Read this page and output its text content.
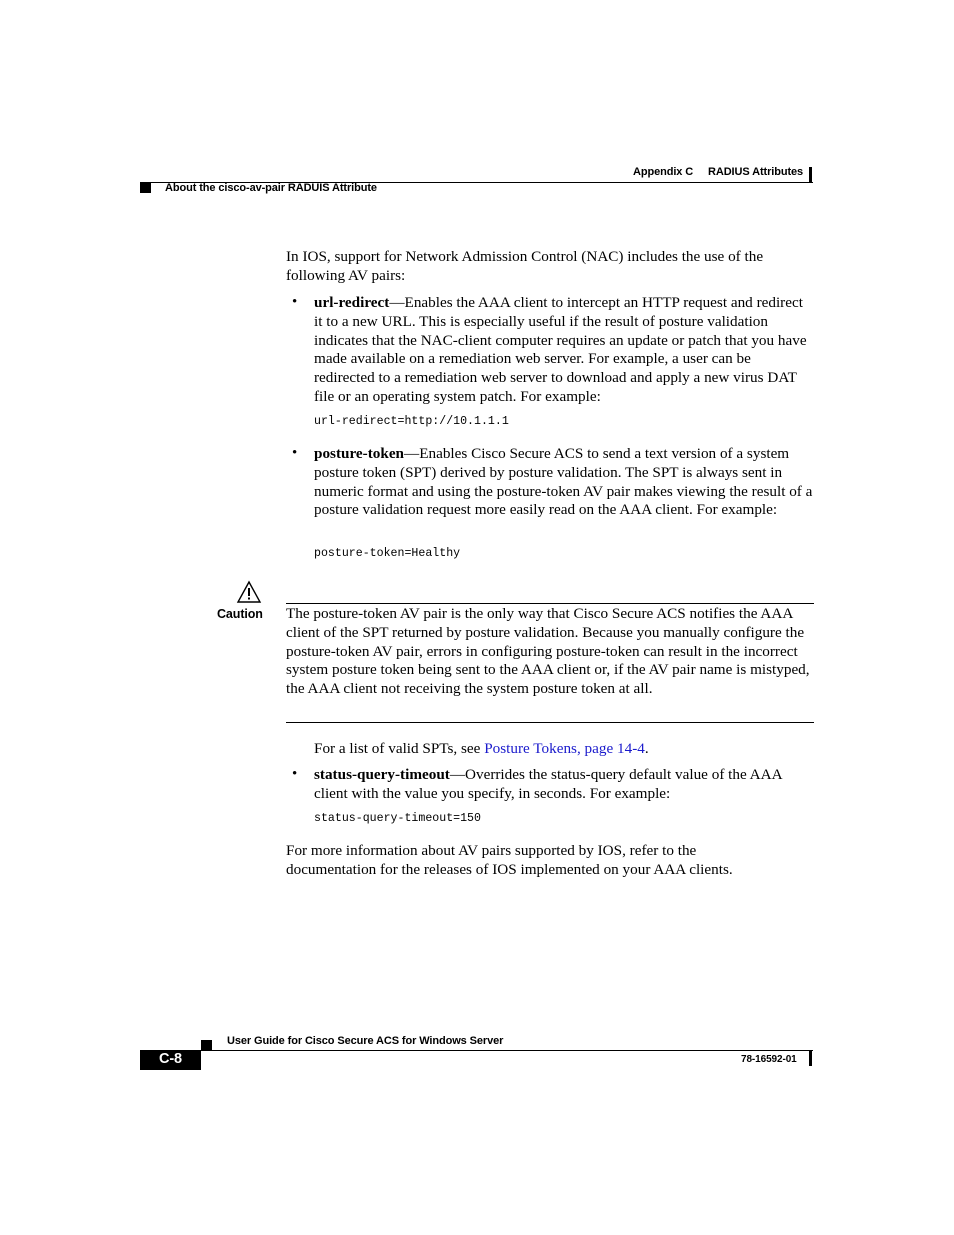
Appendix C RADIUS Attributes
About the cisco-av-pair RADUIS Attribute
In IOS, support for Network Admission Control (NAC) includes the use of the following AV pairs:
• url-redirect—Enables the AAA client to intercept an HTTP request and redirect it to a new URL. This is especially useful if the result of posture validation indicates that the NAC-client computer requires an update or patch that you have made available on a remediation web server. For example, a user can be redirected to a remediation web server to download and apply a new virus DAT file or an operating system patch. For example:
url-redirect=http://10.1.1.1
• posture-token—Enables Cisco Secure ACS to send a text version of a system posture token (SPT) derived by posture validation. The SPT is always sent in numeric format and using the posture-token AV pair makes viewing the result of a posture validation request more easily read on the AAA client. For example:
posture-token=Healthy
Caution The posture-token AV pair is the only way that Cisco Secure ACS notifies the AAA client of the SPT returned by posture validation. Because you manually configure the posture-token AV pair, errors in configuring posture-token can result in the incorrect system posture token being sent to the AAA client or, if the AV pair name is mistyped, the AAA client not receiving the system posture token at all.
For a list of valid SPTs, see Posture Tokens, page 14-4.
• status-query-timeout—Overrides the status-query default value of the AAA client with the value you specify, in seconds. For example:
status-query-timeout=150
For more information about AV pairs supported by IOS, refer to the documentation for the releases of IOS implemented on your AAA clients.
User Guide for Cisco Secure ACS for Windows Server
C-8	78-16592-01
